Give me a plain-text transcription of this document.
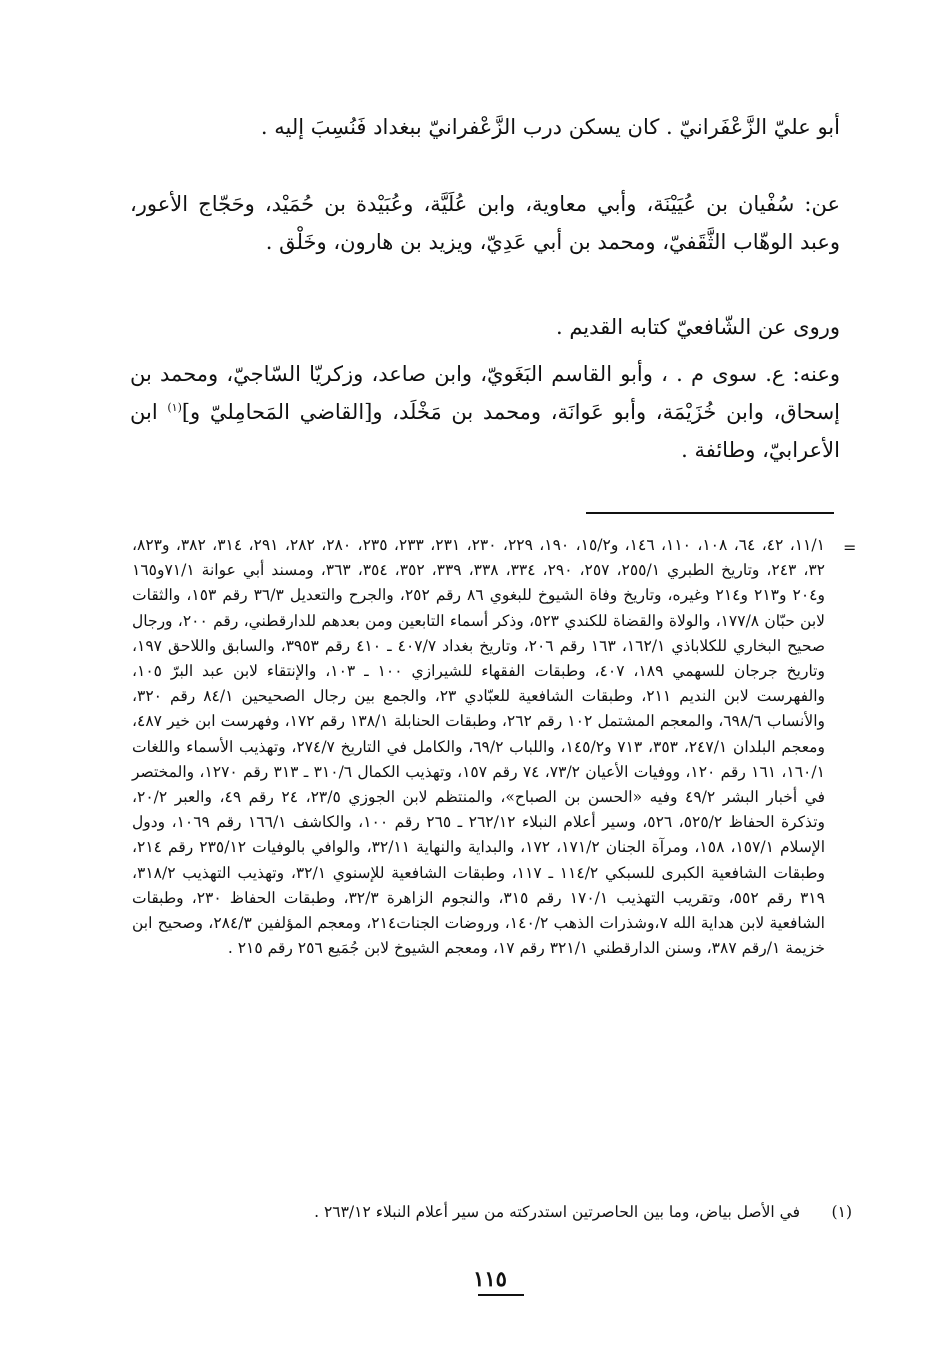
أبو عليّ الزَّعْفَرانيّ . كان يسكن درب الزَّعْفرانيّ ببغداد فَنُسِبَ إليه .

عن: سُفْيان بن عُيَيْنَة، وأبي معاوية، وابن عُلَيَّة، وعُبَيْدة بن حُمَيْد، وحَجّاج الأعور، وعبد الوهّاب الثَّقَفيّ، ومحمد بن أبي عَدِيّ، ويزيد بن هارون، وخَلْق .

وروى عن الشّافعيّ كتابه القديم .

وعنه: ع. سوى م . ، وأبو القاسم البَغَويّ، وابن صاعد، وزكريّا السّاجيّ، ومحمد بن إسحاق، وابن خُزَيْمَة، وأبو عَوانَة، ومحمد بن مَخْلَد، و[القاضي المَحامِليّ و]$^{(١)}$ ابن الأعرابيّ، وطائفة .

=

١١/١، ٤٢، ٦٤، ١٠٨، ١١٠، ١٤٦، و١٥/٢، ١٩٠، ٢٢٩، ٢٣٠، ٢٣١، ٢٣٣، ٢٣٥، ٢٨٠، ٢٨٢، ٢٩١، ٣١٤، ٣٨٢، و٨٢٣، ٣٢، ٢٤٣، وتاريخ الطبري ٢٥٥/١، ٢٥٧، ٢٩٠، ٣٣٤، ٣٣٨، ٣٣٩، ٣٥٢، ٣٥٤، ٣٦٣، ومسند أبي عوانة ٧١/١و١٦٥ و٢٠٤ و٢١٣ و٢١٤ وغيره، وتاريخ وفاة الشيوخ للبغوي ٨٦ رقم ٢٥٢، والجرح والتعديل ٣٦/٣ رقم ١٥٣، والثقات لابن حبّان ١٧٧/٨، والولاة والقضاة للكندي ٥٢٣، وذكر أسماء التابعين ومن بعدهم للدارقطني، رقم ٢٠٠، ورجال صحيح البخاري للكلاباذي ١٦٢/١، ١٦٣ رقم ٢٠٦، وتاريخ بغداد ٤٠٧/٧ ـ ٤١٠ رقم ٣٩٥٣، والسابق واللاحق ١٩٧، وتاريخ جرجان للسهمي ١٨٩، ٤٠٧، وطبقات الفقهاء للشيرازي ١٠٠ ـ ١٠٣، والإنتقاء لابن عبد البرّ ١٠٥، والفهرست لابن النديم ٢١١، وطبقات الشافعية للعبّادي ٢٣، والجمع بين رجال الصحيحين ٨٤/١ رقم ٣٢٠، والأنساب ٦٩٨/٦، والمعجم المشتمل ١٠٢ رقم ٢٦٢، وطبقات الحنابلة ١٣٨/١ رقم ١٧٢، وفهرست ابن خير ٤٨٧، ومعجم البلدان ٢٤٧/١، ٣٥٣، ٧١٣ و١٤٥/٢، واللباب ٦٩/٢، والكامل في التاريخ ٢٧٤/٧، وتهذيب الأسماء واللغات ١٦٠/١، ١٦١ رقم ١٢٠، ووفيات الأعيان ٧٣/٢، ٧٤ رقم ١٥٧، وتهذيب الكمال ٣١٠/٦ ـ ٣١٣ رقم ١٢٧٠، والمختصر في أخبار البشر ٤٩/٢ وفيه «الحسن بن الصباح»، والمنتظم لابن الجوزي ٢٣/٥، ٢٤ رقم ٤٩، والعبر ٢٠/٢، وتذكرة الحفاظ ٥٢٥/٢، ٥٢٦، وسير أعلام النبلاء ٢٦٢/١٢ ـ ٢٦٥ رقم ١٠٠، والكاشف ١٦٦/١ رقم ١٠٦٩، ودول الإسلام ١٥٧/١، ١٥٨، ومرآة الجنان ١٧١/٢، ١٧٢، والبداية والنهاية ٣٢/١١، والوافي بالوفيات ٢٣٥/١٢ رقم ٢١٤، وطبقات الشافعية الكبرى للسبكي ١١٤/٢ ـ ١١٧، وطبقات الشافعية للإسنوي ٣٢/١، وتهذيب التهذيب ٣١٨/٢، ٣١٩ رقم ٥٥٢، وتقريب التهذيب ١٧٠/١ رقم ٣١٥، والنجوم الزاهرة ٣٢/٣، وطبقات الحفاظ ٢٣٠، وطبقات الشافعية لابن هداية الله ٧،وشذرات الذهب ١٤٠/٢، وروضات الجنات٢١٤، ومعجم المؤلفين ٢٨٤/٣، وصحيح ابن خزيمة ١/رقم ٣٨٧، وسنن الدارقطني ٣٢١/١ رقم ١٧، ومعجم الشيوخ لابن جُمَيع ٢٥٦ رقم ٢١٥ .

(١)
في الأصل بياض، وما بين الحاصرتين استدركته من سير أعلام النبلاء ٢٦٣/١٢ .
١١٥
